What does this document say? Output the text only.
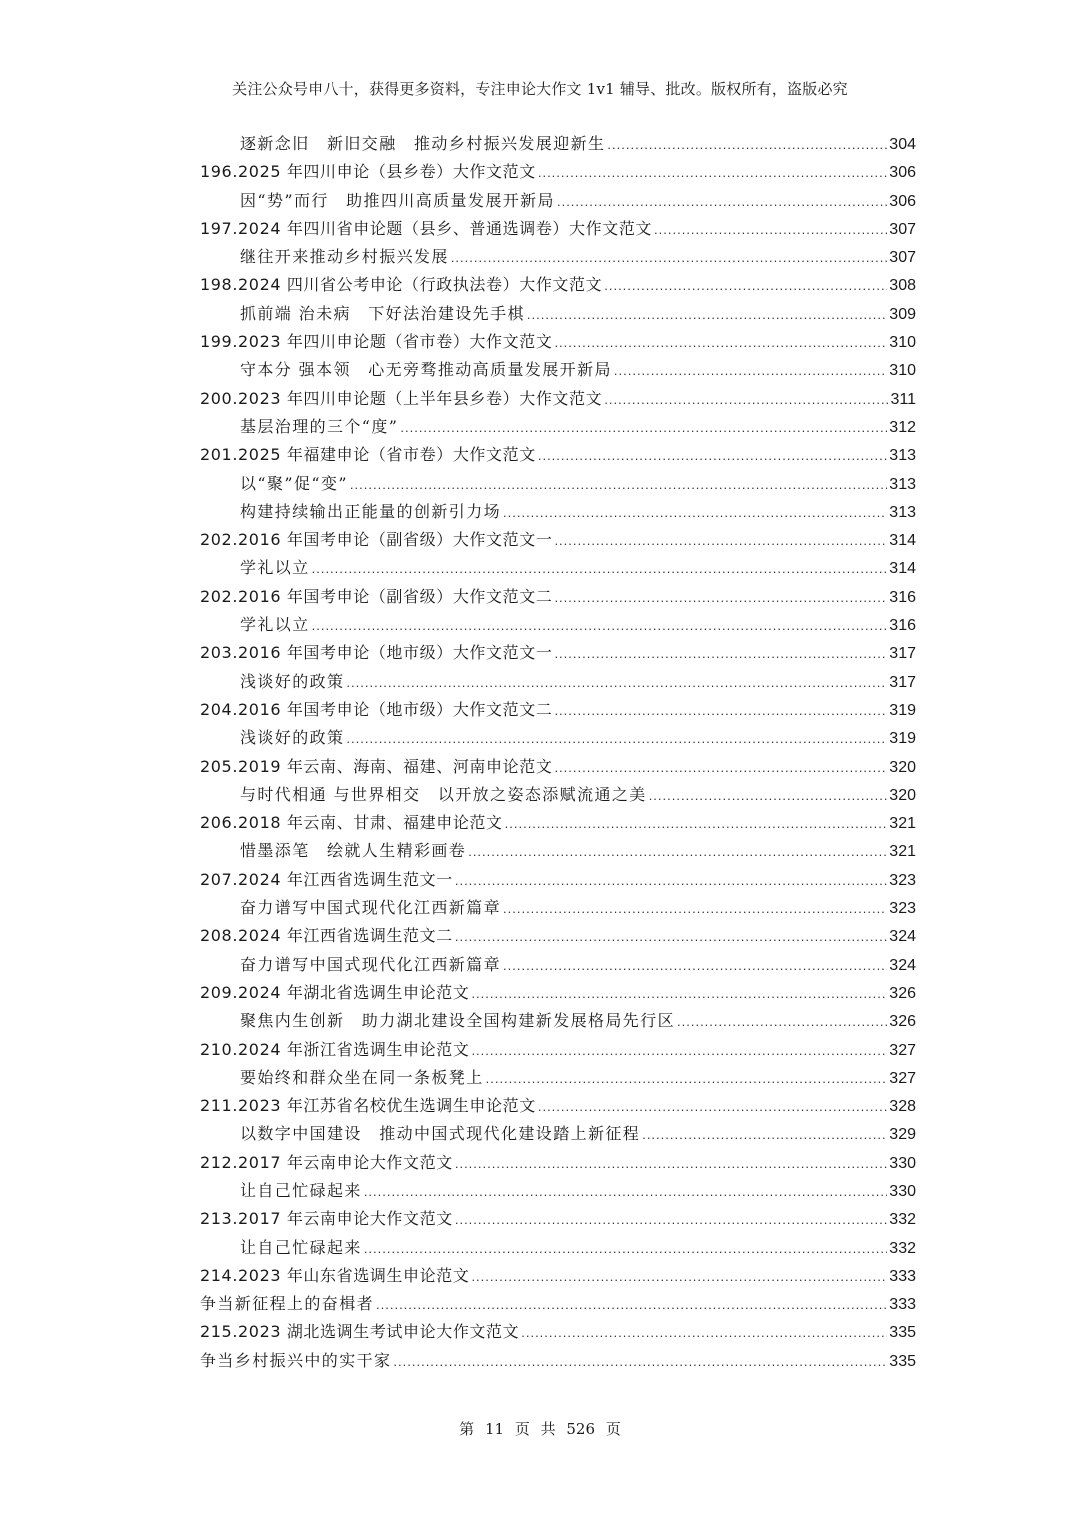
关注公众号申八十，获得更多资料，专注申论大作文 1v1 辅导、批改。版权所有，盗版必究
逐新念旧　新旧交融　推动乡村振兴发展迎新生 .....	304
196.2025 年四川申论（县乡卷）大作文范文 .....	306
因“势”而行　助推四川高质量发展开新局 .....	306
197.2024 年四川省申论题（县乡、普通选调卷）大作文范文 .....	307
继往开来推动乡村振兴发展 .....	307
198.2024 四川省公考申论（行政执法卷）大作文范文 .....	308
抓前端 治未病　下好法治建设先手棋 .....	309
199.2023 年四川申论题（省市卷）大作文范文 .....	310
守本分 强本领　心无旁骛推动高质量发展开新局 .....	310
200.2023 年四川申论题（上半年县乡卷）大作文范文 .....	311
基层治理的三个“度” .....	312
201.2025 年福建申论（省市卷）大作文范文 .....	313
以“聚”促“变” .....	313
构建持续输出正能量的创新引力场 .....	313
202.2016 年国考申论（副省级）大作文范文一 .....	314
学礼以立 .....	314
202.2016 年国考申论（副省级）大作文范文二 .....	316
学礼以立 .....	316
203.2016 年国考申论（地市级）大作文范文一 .....	317
浅谈好的政策 .....	317
204.2016 年国考申论（地市级）大作文范文二 .....	319
浅谈好的政策 .....	319
205.2019 年云南、海南、福建、河南申论范文 .....	320
与时代相通 与世界相交　以开放之姿态添赋流通之美 .....	320
206.2018 年云南、甘肃、福建申论范文 .....	321
惜墨添笔　绘就人生精彩画卷 .....	321
207.2024 年江西省选调生范文一 .....	323
奋力谱写中国式现代化江西新篇章 .....	323
208.2024 年江西省选调生范文二 .....	324
奋力谱写中国式现代化江西新篇章 .....	324
209.2024 年湖北省选调生申论范文 .....	326
聚焦内生创新　助力湖北建设全国构建新发展格局先行区 .....	326
210.2024 年浙江省选调生申论范文 .....	327
要始终和群众坐在同一条板凳上 .....	327
211.2023 年江苏省名校优生选调生申论范文 .....	328
以数字中国建设　推动中国式现代化建设踏上新征程 .....	329
212.2017 年云南申论大作文范文 .....	330
让自己忙碌起来 .....	330
213.2017 年云南申论大作文范文 .....	332
让自己忙碌起来 .....	332
214.2023 年山东省选调生申论范文 .....	333
争当新征程上的奋楫者 .....	333
215.2023 湖北选调生考试申论大作文范文 .....	335
争当乡村振兴中的实干家 .....	335
第 11 页 共 526 页
